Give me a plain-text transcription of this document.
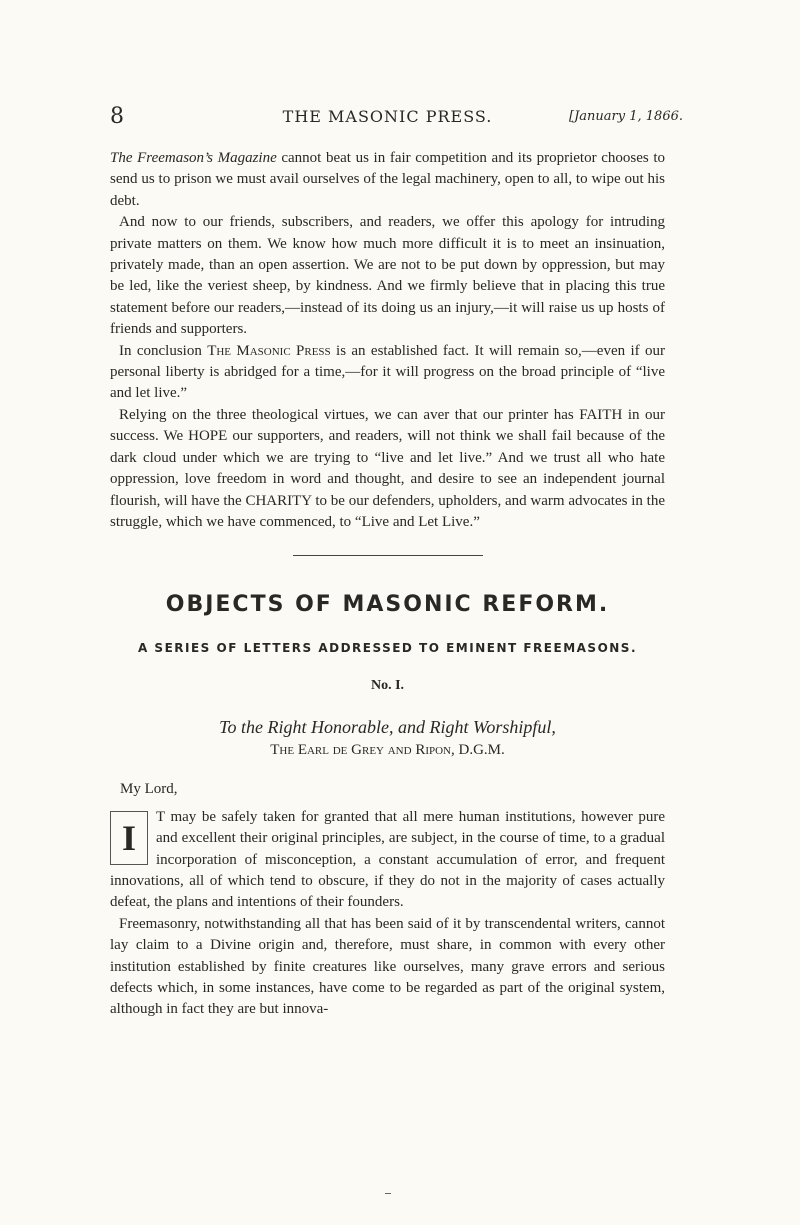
8	THE MASONIC PRESS.	[January 1, 1866.

The Freemason’s Magazine cannot beat us in fair competition and its proprietor chooses to send us to prison we must avail ourselves of the legal machinery, open to all, to wipe out his debt.

And now to our friends, subscribers, and readers, we offer this apology for intruding private matters on them. We know how much more difficult it is to meet an insinuation, privately made, than an open assertion. We are not to be put down by oppression, but may be led, like the veriest sheep, by kindness. And we firmly believe that in placing this true statement before our readers,—instead of its doing us an injury,—it will raise us up hosts of friends and supporters.

In conclusion The Masonic Press is an established fact. It will remain so,—even if our personal liberty is abridged for a time,—for it will progress on the broad principle of “live and let live.”

Relying on the three theological virtues, we can aver that our printer has FAITH in our success. We HOPE our supporters, and readers, will not think we shall fail because of the dark cloud under which we are trying to “live and let live.” And we trust all who hate oppression, love freedom in word and thought, and desire to see an independent journal flourish, will have the CHARITY to be our defenders, upholders, and warm advocates in the struggle, which we have commenced, to “Live and Let Live.”

OBJECTS OF MASONIC REFORM.

A SERIES OF LETTERS ADDRESSED TO EMINENT FREEMASONS.

No. I.

To the Right Honorable, and Right Worshipful,

The Earl de Grey and Ripon, D.G.M.

My Lord,

I
T may be safely taken for granted that all mere human institutions, however pure and excellent their original principles, are subject, in the course of time, to a gradual incorporation of misconception, a constant accumulation of error, and frequent innovations, all of which tend to obscure, if they do not in the majority of cases actually defeat, the plans and intentions of their founders.

Freemasonry, notwithstanding all that has been said of it by transcendental writers, cannot lay claim to a Divine origin and, therefore, must share, in common with every other institution established by finite creatures like ourselves, many grave errors and serious defects which, in some instances, have come to be regarded as part of the original system, although in fact they are but innova-
